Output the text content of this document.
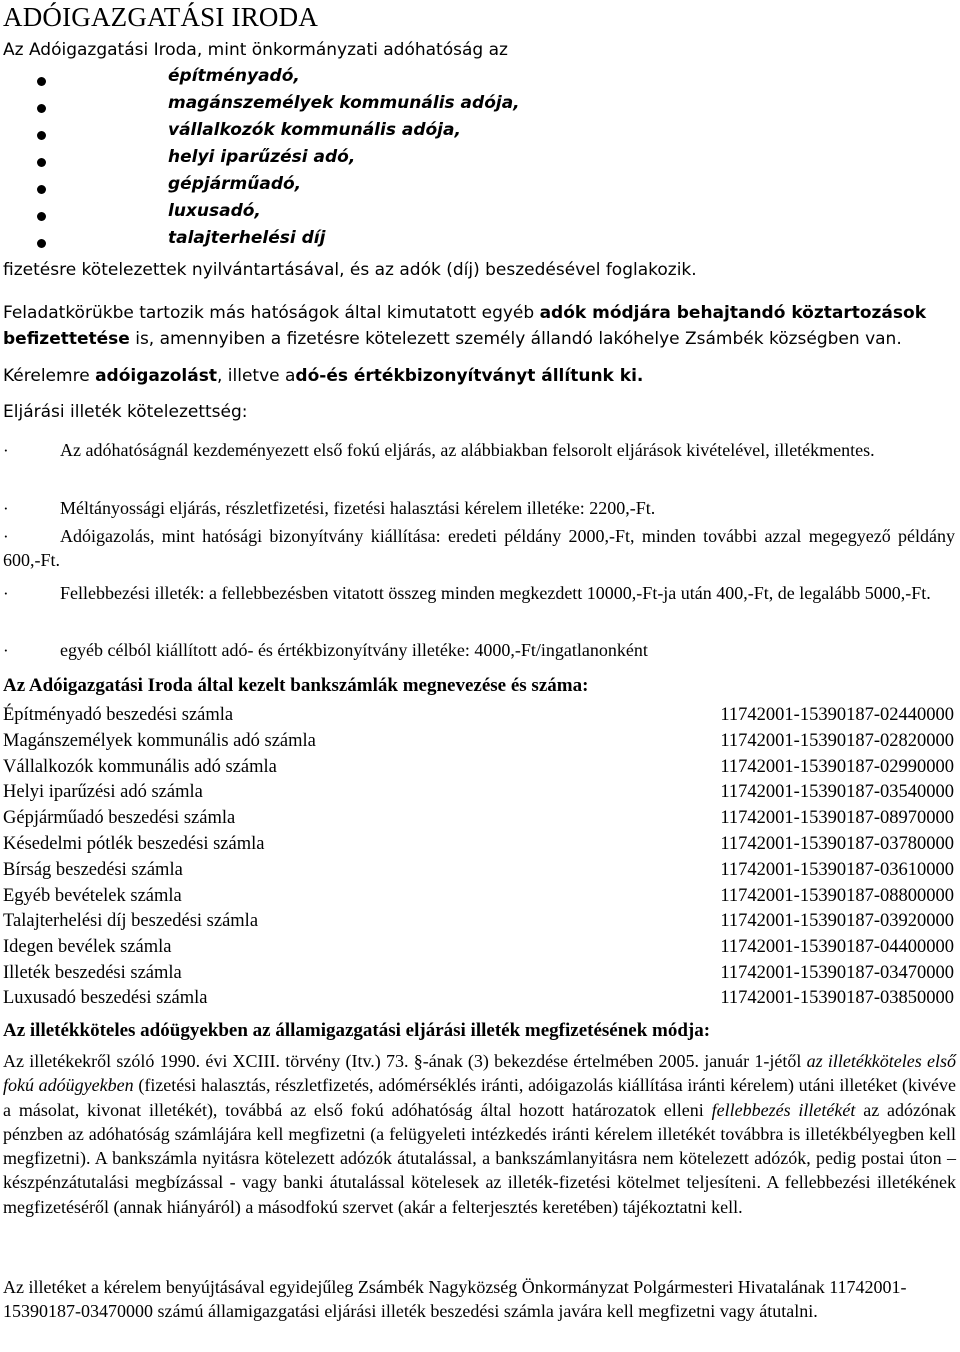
ADÓIGAZGATÁSI IRODA
Az Adóigazgatási Iroda, mint önkormányzati adóhatóság az
építményadó,
magánszemélyek kommunális adója,
vállalkozók kommunális adója,
helyi iparűzési adó,
gépjárműadó,
luxusadó,
talajterhelési díj
fizetésre kötelezettek nyilvántartásával, és az adók (díj) beszedésével foglakozik.
Feladatkörükbe tartozik más hatóságok által kimutatott egyéb adók módjára behajtandó köztartozások befizettetése is, amennyiben a fizetésre kötelezett személy állandó lakóhelye Zsámbék községben van.
Kérelemre adóigazolást, illetve adó-és értékbizonyítványt állítunk ki.
Eljárási illeték kötelezettség:
·	Az adóhatóságnál kezdeményezett első fokú eljárás, az alábbiakban felsorolt eljárások kivételével, illetékmentes.
·	Méltányossági eljárás, részletfizetési, fizetési halasztási kérelem illetéke: 2200,-Ft.
·	Adóigazolás, mint hatósági bizonyítvány kiállítása: eredeti példány 2000,-Ft, minden további azzal megegyező példány 600,-Ft.
·	Fellebbezési illeték: a fellebbezésben vitatott összeg minden megkezdett 10000,-Ft-ja után 400,-Ft, de legalább 5000,-Ft.
·	egyéb célból kiállított adó- és értékbizonyítvány illetéke: 4000,-Ft/ingatlanonként
Az Adóigazgatási Iroda által kezelt bankszámlák megnevezése és száma:
Építményadó beszedési számla	11742001-15390187-02440000
Magánszemélyek kommunális adó számla	11742001-15390187-02820000
Vállalkozók kommunális adó számla	11742001-15390187-02990000
Helyi iparűzési adó számla	11742001-15390187-03540000
Gépjárműadó beszedési számla	11742001-15390187-08970000
Késedelmi pótlék beszedési számla	11742001-15390187-03780000
Bírság beszedési számla	11742001-15390187-03610000
Egyéb bevételek számla	11742001-15390187-08800000
Talajterhelési díj beszedési számla	11742001-15390187-03920000
Idegen bevélek számla	11742001-15390187-04400000
Illeték beszedési számla	11742001-15390187-03470000
Luxusadó beszedési számla	11742001-15390187-03850000
Az illetékköteles adóügyekben az államigazgatási eljárási illeték megfizetésének módja:
Az illetékekről szóló 1990. évi XCIII. törvény (Itv.) 73. §-ának (3) bekezdése értelmében 2005. január 1-jétől az illetékköteles első fokú adóügyekben (fizetési halasztás, részletfizetés, adómérséklés iránti, adóigazolás kiállítása iránti kérelem) utáni illetéket (kivéve a másolat, kivonat illetékét), továbbá az első fokú adóhatóság által hozott határozatok elleni fellebbezés illetékét az adózónak pénzben az adóhatóság számlájára kell megfizetni (a felügyeleti intézkedés iránti kérelem illetékét továbbra is illetékbélyegben kell megfizetni). A bankszámla nyitásra kötelezett adózók átutalással, a bankszámlanyitásra nem kötelezett adózók, pedig postai úton – készpénzátutalási megbízással - vagy banki átutalással kötelesek az illeték-fizetési kötelmet teljesíteni. A fellebbezési illetékének megfizetéséről (annak hiányáról) a másodfokú szervet (akár a felterjesztés keretében) tájékoztatni kell.
Az illetéket a kérelem benyújtásával egyidejűleg Zsámbék Nagyközség Önkormányzat Polgármesteri Hivatalának 11742001-15390187-03470000 számú államigazgatási eljárási illeték beszedési számla javára kell megfizetni vagy átutalni.
